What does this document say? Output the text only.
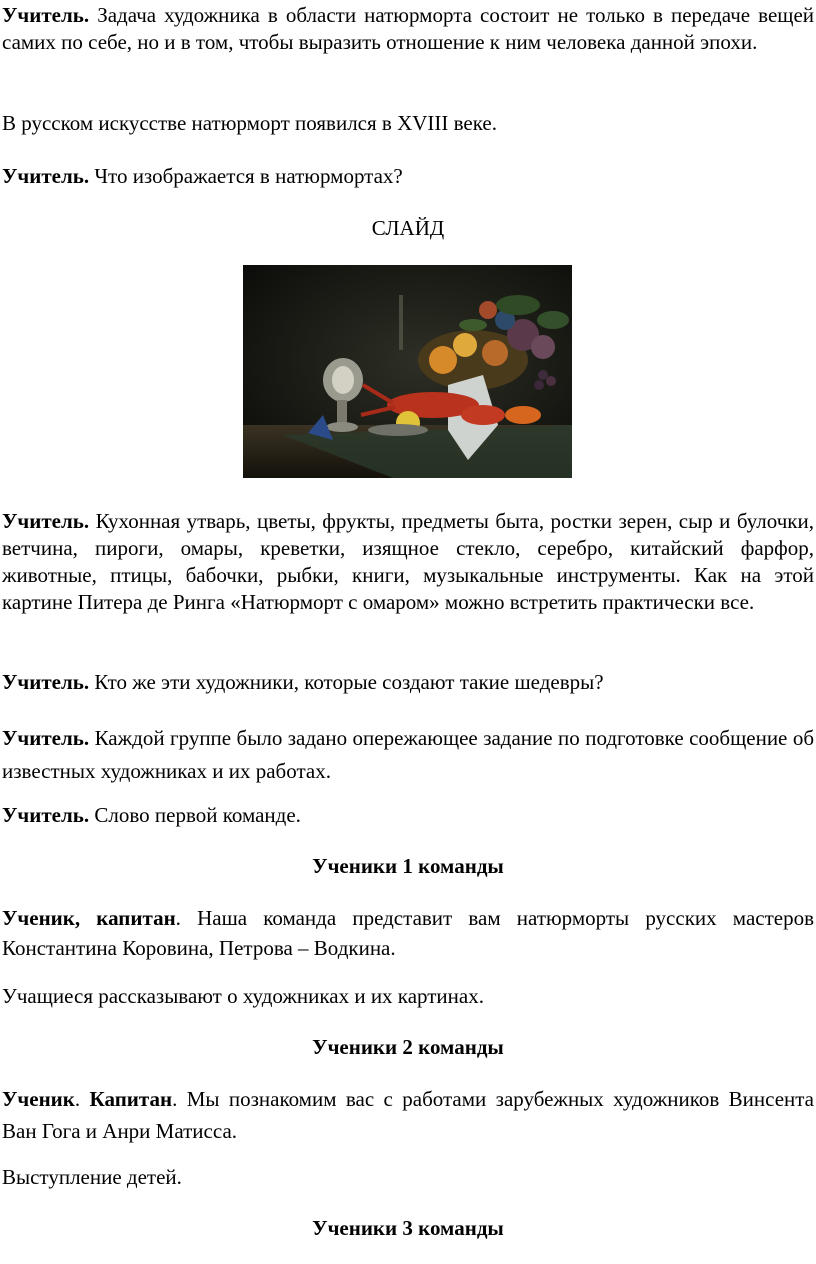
Учитель. Задача художника в области натюрморта состоит не только в передаче вещей самих по себе, но и в том, чтобы выразить отношение к ним человека данной эпохи.

В русском искусстве натюрморт появился в XVIII веке.

Учитель. Что изображается в натюрмортах?

СЛАЙД

Учитель. Кухонная утварь, цветы, фрукты, предметы быта, ростки зерен, сыр и булочки, ветчина, пироги, омары, креветки, изящное стекло, серебро, китайский фарфор, животные, птицы, бабочки, рыбки, книги, музыкальные инструменты. Как на этой картине Питера де Ринга «Натюрморт с омаром» можно встретить практически все.

Учитель. Кто же эти художники, которые создают такие шедевры?

Учитель. Каждой группе было задано опережающее задание по подготовке сообщение об известных художниках и их работах.

Учитель. Слово первой команде.

Ученики 1 команды

Ученик, капитан. Наша команда представит вам натюрморты русских мастеров Константина Коровина, Петрова – Водкина.

Учащиеся рассказывают о художниках и их картинах.

Ученики 2 команды

Ученик. Капитан. Мы познакомим вас с работами зарубежных художников Винсента Ван Гога и Анри Матисса.

Выступление детей.

Ученики 3 команды
